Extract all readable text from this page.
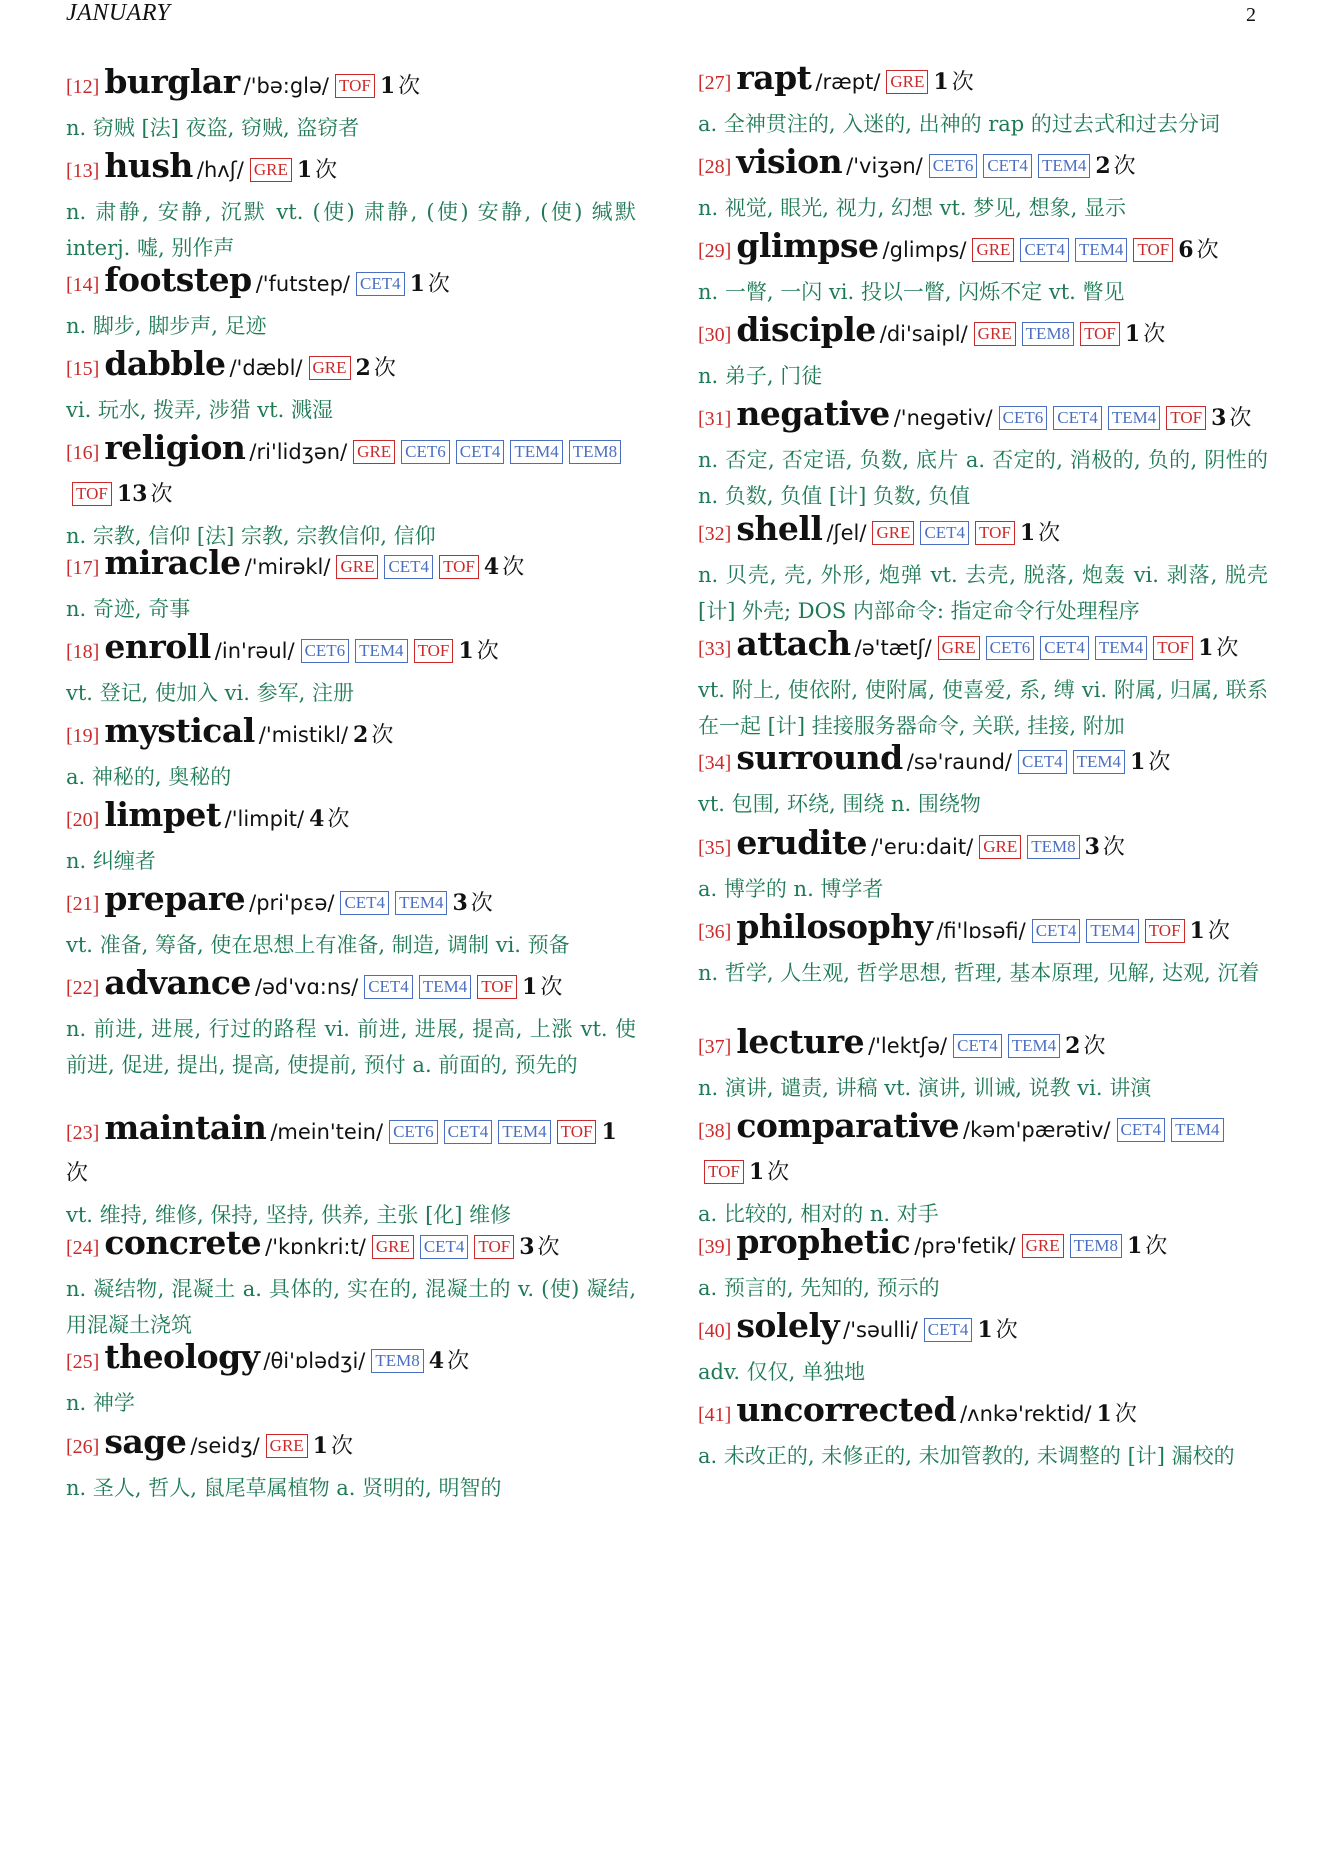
JANUARY	2
[12] burglar /'bə:glə/ TOF 1 次
n. 窃贼 [法] 夜盗, 窃贼, 盗窃者
[13] hush /hʌʃ/ GRE 1 次
n. 肃静, 安静, 沉默 vt. (使) 肃静, (使) 安静, (使) 缄默 interj. 嘘, 别作声
[14] footstep /'futstep/ CET4 1 次
n. 脚步, 脚步声, 足迹
[15] dabble /'dæbl/ GRE 2 次
vi. 玩水, 拨弄, 涉猎 vt. 溅湿
[16] religion /ri'lidʒən/ GRE CET6 CET4 TEM4 TEM8TOF 13 次
n. 宗教, 信仰 [法] 宗教, 宗教信仰, 信仰
[17] miracle /'mirəkl/ GRE CET4 TOF 4 次
n. 奇迹, 奇事
[18] enroll /in'rəul/ CET6 TEM4 TOF 1 次
vt. 登记, 使加入 vi. 参军, 注册
[19] mystical /'mistikl/ 2 次
a. 神秘的, 奥秘的
[20] limpet /'limpit/ 4 次
n. 纠缠者
[21] prepare /pri'pɛə/ CET4 TEM4 3 次
vt. 准备, 筹备, 使在思想上有准备, 制造, 调制 vi. 预备
[22] advance /əd'vɑ:ns/ CET4 TEM4 TOF 1 次
n. 前进, 进展, 行过的路程 vi. 前进, 进展, 提高, 上涨 vt. 使前进, 促进, 提出, 提高, 使提前, 预付 a. 前面的, 预先的
[23] maintain /mein'tein/ CET6 CET4 TEM4 TOF 1次
vt. 维持, 维修, 保持, 坚持, 供养, 主张 [化] 维修
[24] concrete /'kɒnkri:t/ GRE CET4 TOF 3 次
n. 凝结物, 混凝土 a. 具体的, 实在的, 混凝土的 v. (使) 凝结, 用混凝土浇筑
[25] theology /θi'ɒlədʒi/ TEM8 4 次
n. 神学
[26] sage /seidʒ/ GRE 1 次
n. 圣人, 哲人, 鼠尾草属植物 a. 贤明的, 明智的
[27] rapt /ræpt/ GRE 1 次
a. 全神贯注的, 入迷的, 出神的 rap 的过去式和过去分词
[28] vision /'viʒən/ CET6 CET4 TEM4 2 次
n. 视觉, 眼光, 视力, 幻想 vt. 梦见, 想象, 显示
[29] glimpse /glimps/ GRE CET4 TEM4 TOF 6 次
n. 一瞥, 一闪 vi. 投以一瞥, 闪烁不定 vt. 瞥见
[30] disciple /di'saipl/ GRE TEM8 TOF 1 次
n. 弟子, 门徒
[31] negative /'negətiv/ CET6 CET4 TEM4 TOF 3 次
n. 否定, 否定语, 负数, 底片 a. 否定的, 消极的, 负的, 阴性的 n. 负数, 负值 [计] 负数, 负值
[32] shell /ʃel/ GRE CET4 TOF 1 次
n. 贝壳, 壳, 外形, 炮弹 vt. 去壳, 脱落, 炮轰 vi. 剥落, 脱壳 [计] 外壳; DOS 内部命令: 指定命令行处理程序
[33] attach /ə'tætʃ/ GRE CET6 CET4 TEM4 TOF 1 次
vt. 附上, 使依附, 使附属, 使喜爱, 系, 缚 vi. 附属, 归属, 联系在一起 [计] 挂接服务器命令, 关联, 挂接, 附加
[34] surround /sə'raund/ CET4 TEM4 1 次
vt. 包围, 环绕, 围绕 n. 围绕物
[35] erudite /'eru:dait/ GRE TEM8 3 次
a. 博学的 n. 博学者
[36] philosophy /fi'lɒsəfi/ CET4 TEM4 TOF 1 次
n. 哲学, 人生观, 哲学思想, 哲理, 基本原理, 见解, 达观, 沉着
[37] lecture /'lektʃə/ CET4 TEM4 2 次
n. 演讲, 谴责, 讲稿 vt. 演讲, 训诫, 说教 vi. 讲演
[38] comparative /kəm'pærətiv/ CET4 TEM4TOF 1 次
a. 比较的, 相对的 n. 对手
[39] prophetic /prə'fetik/ GRE TEM8 1 次
a. 预言的, 先知的, 预示的
[40] solely /'səulli/ CET4 1 次
adv. 仅仅, 单独地
[41] uncorrected /ʌnkə'rektid/ 1 次
a. 未改正的, 未修正的, 未加管教的, 未调整的 [计] 漏校的
